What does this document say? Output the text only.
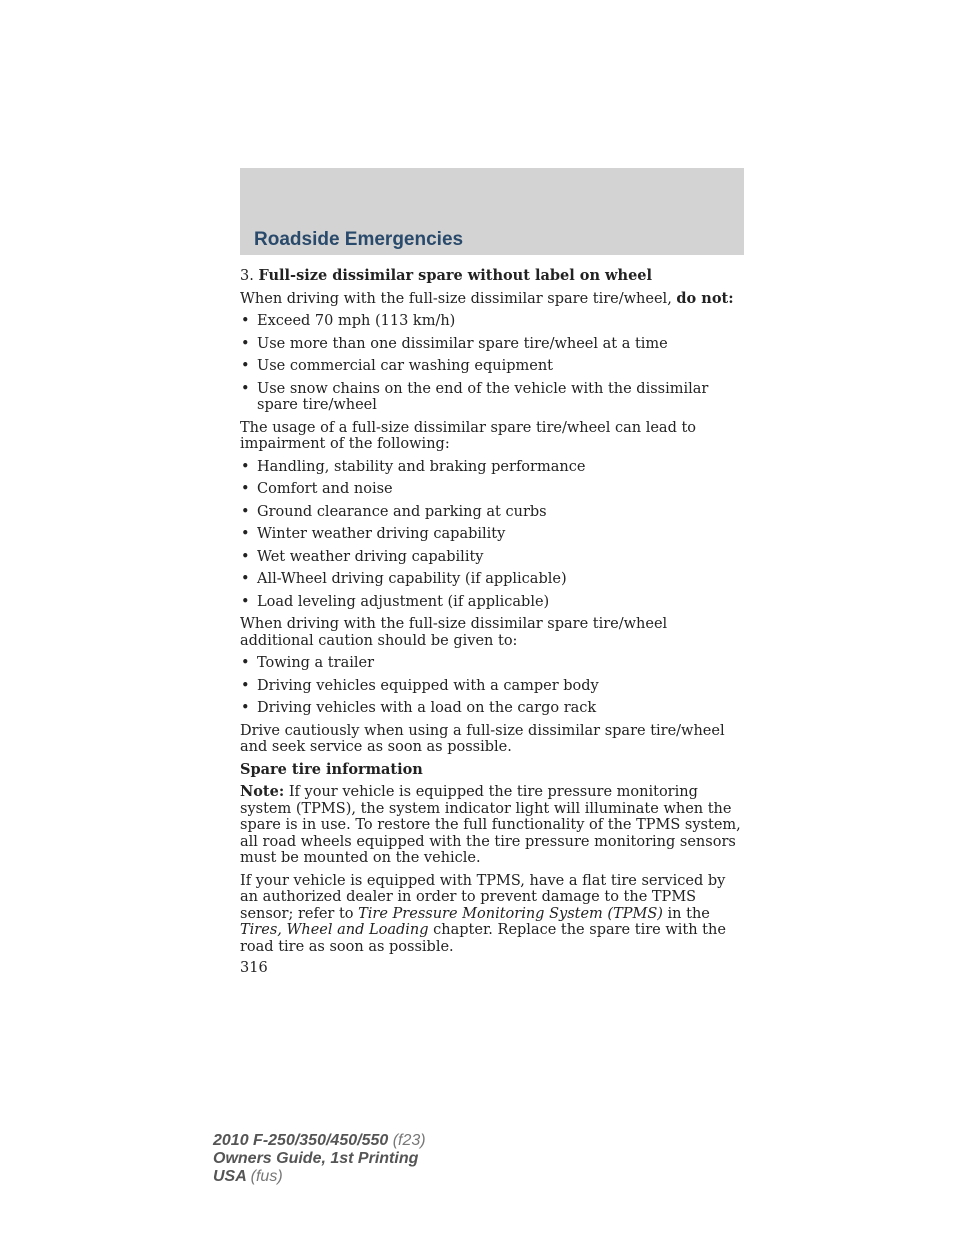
Roadside Emergencies

3. Full-size dissimilar spare without label on wheel

When driving with the full-size dissimilar spare tire/wheel, do not:

• Exceed 70 mph (113 km/h)
• Use more than one dissimilar spare tire/wheel at a time
• Use commercial car washing equipment
• Use snow chains on the end of the vehicle with the dissimilar spare tire/wheel

The usage of a full-size dissimilar spare tire/wheel can lead to impairment of the following:

• Handling, stability and braking performance
• Comfort and noise
• Ground clearance and parking at curbs
• Winter weather driving capability
• Wet weather driving capability
• All-Wheel driving capability (if applicable)
• Load leveling adjustment (if applicable)

When driving with the full-size dissimilar spare tire/wheel additional caution should be given to:

• Towing a trailer
• Driving vehicles equipped with a camper body
• Driving vehicles with a load on the cargo rack

Drive cautiously when using a full-size dissimilar spare tire/wheel and seek service as soon as possible.

Spare tire information

Note: If your vehicle is equipped the tire pressure monitoring system (TPMS), the system indicator light will illuminate when the spare is in use. To restore the full functionality of the TPMS system, all road wheels equipped with the tire pressure monitoring sensors must be mounted on the vehicle.

If your vehicle is equipped with TPMS, have a flat tire serviced by an authorized dealer in order to prevent damage to the TPMS sensor; refer to Tire Pressure Monitoring System (TPMS) in the Tires, Wheel and Loading chapter. Replace the spare tire with the road tire as soon as possible.

316
2010 F-250/350/450/550 (f23)
Owners Guide, 1st Printing
USA (fus)
